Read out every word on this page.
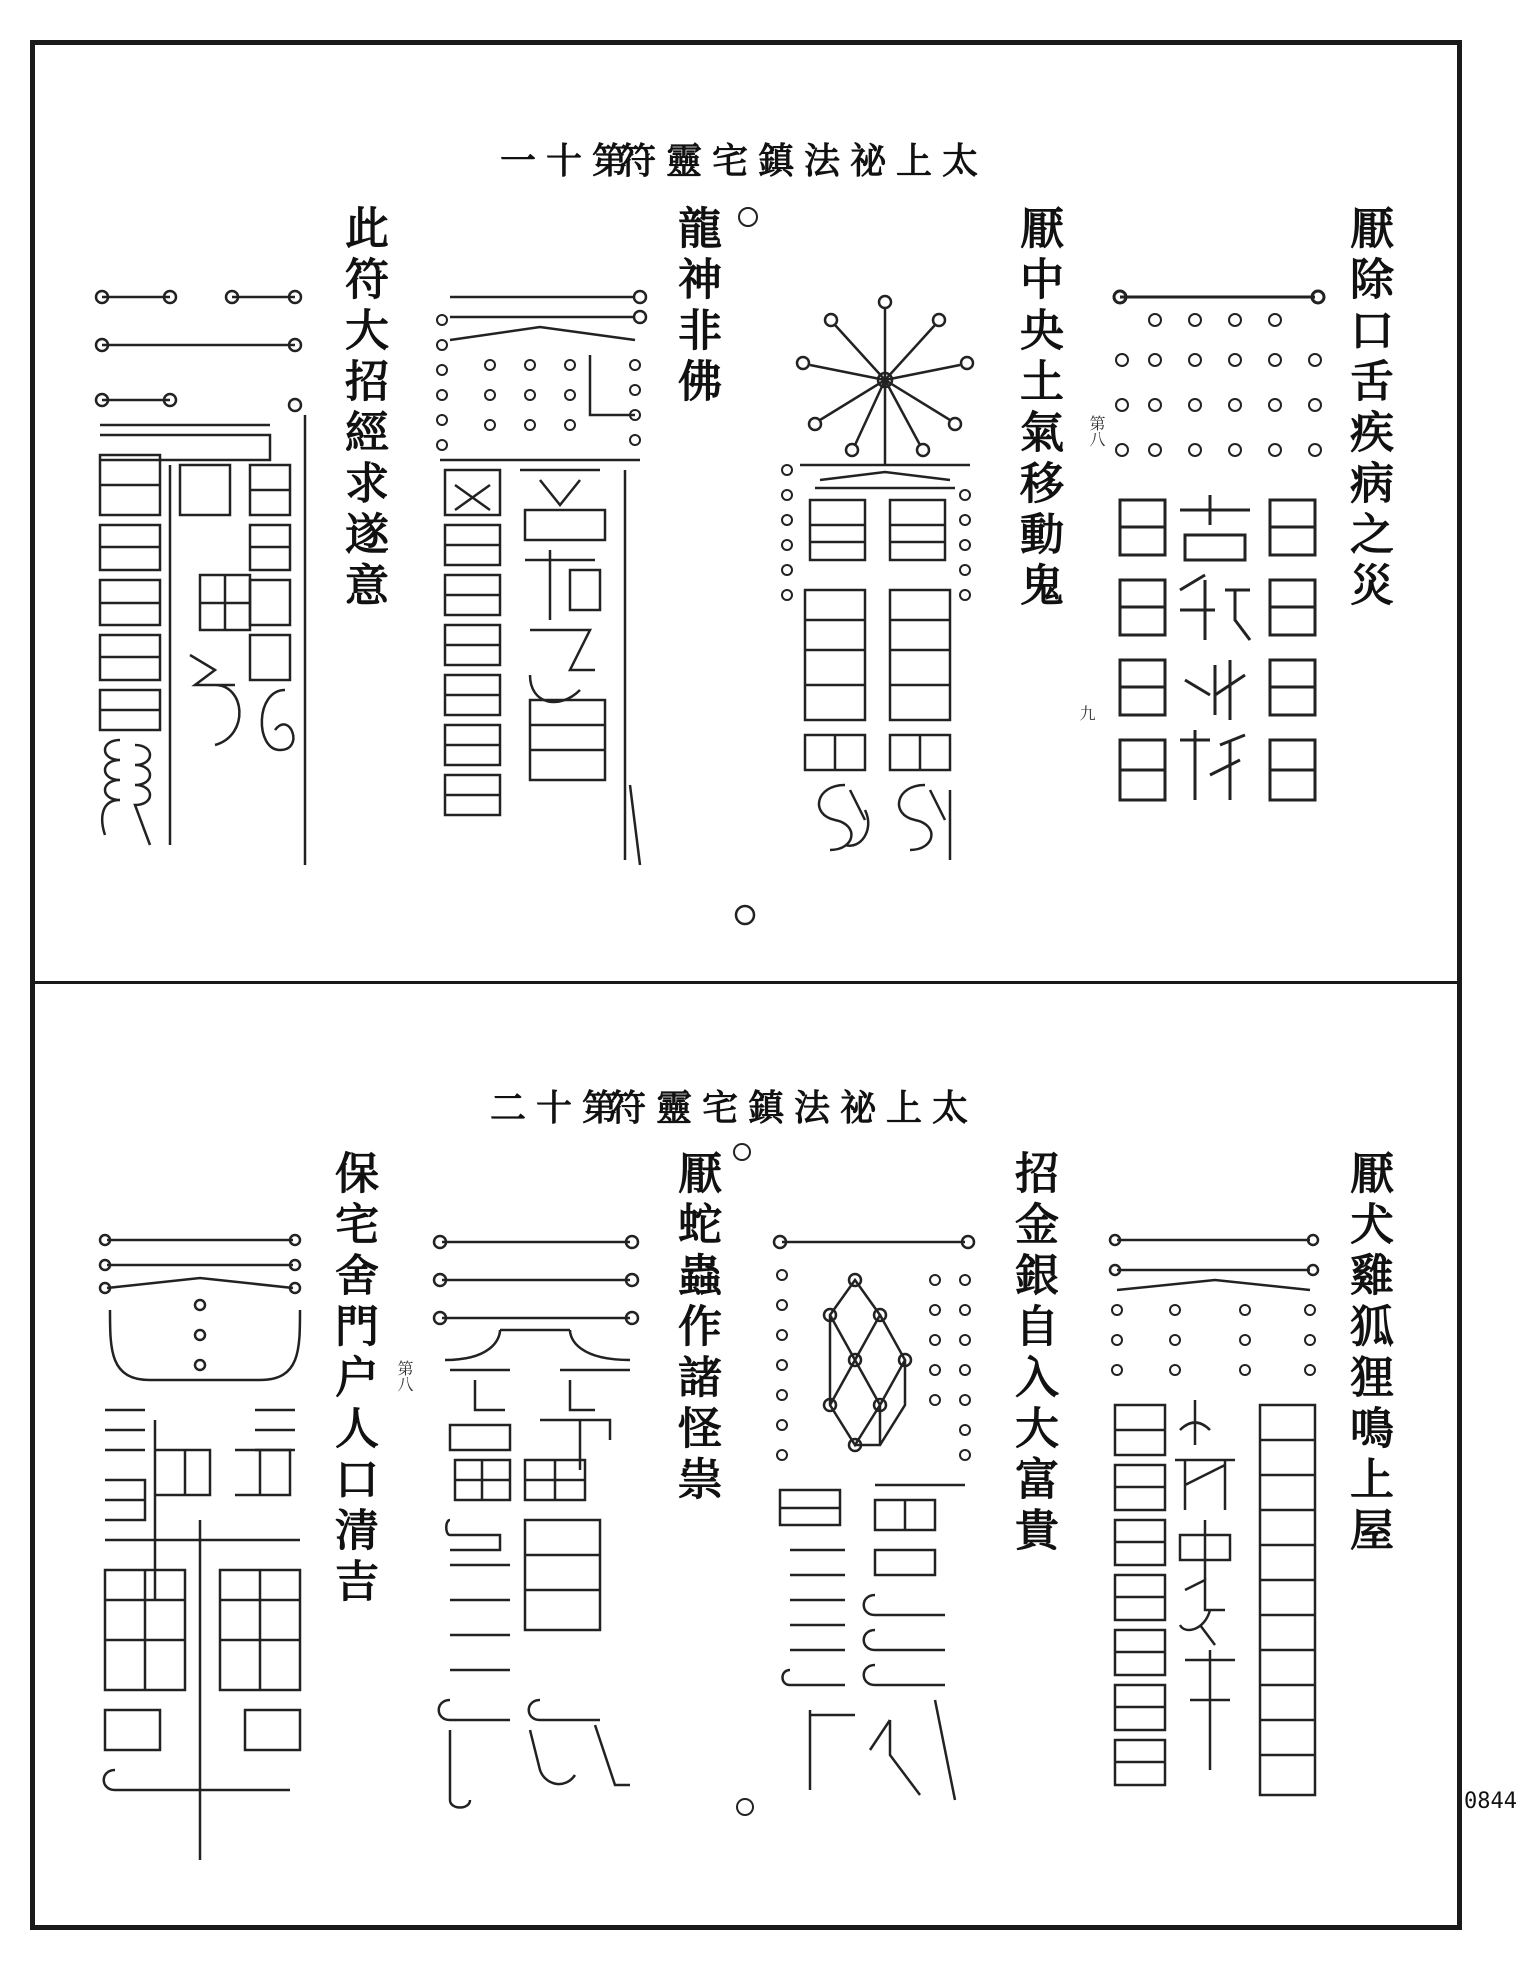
符靈宅鎮法祕上太
一十第
厭除口舌疾病之災
厭中央土氣移動鬼
龍神非佛
此符大招經求遂意	第八
九
符靈宅鎮法祕上太
二十第
厭犬雞狐狸鳴上屋
招金銀自入大富貴
厭蛇蟲作諸怪祟
保宅舍門户人口清吉 第八
0844
